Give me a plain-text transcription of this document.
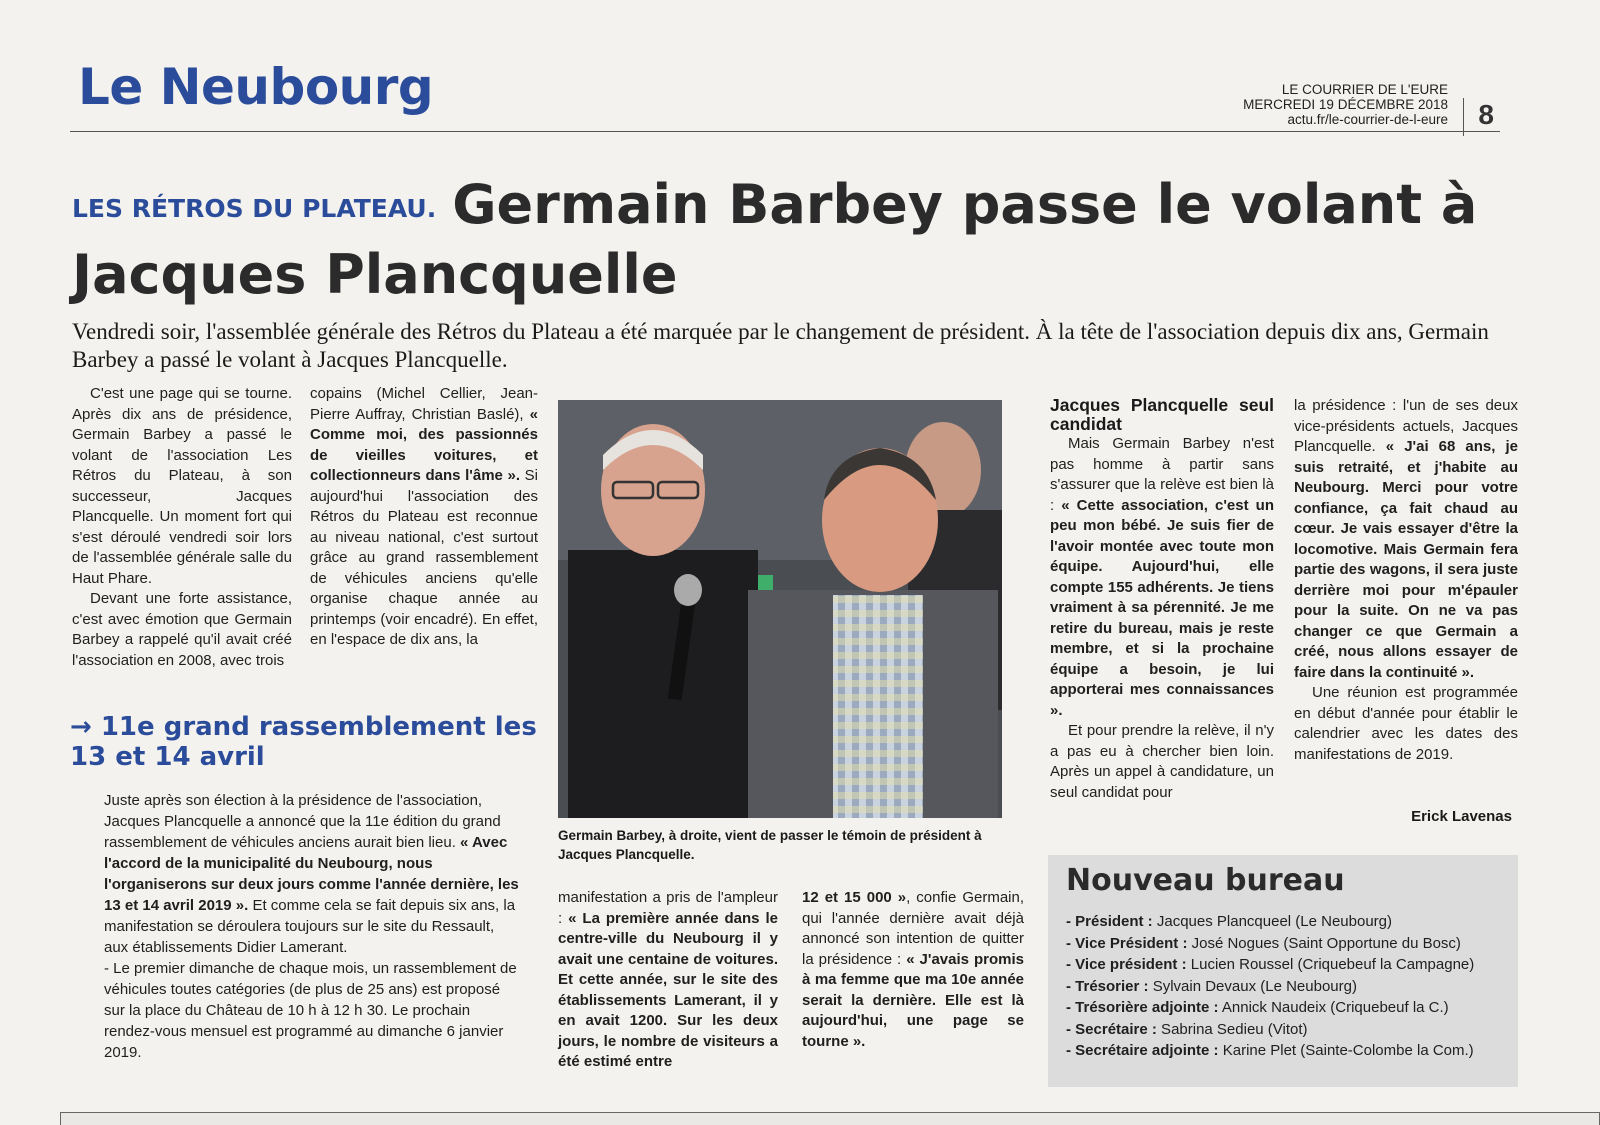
Le Neubourg	LE COURRIER DE L'EURE
MERCREDI 19 DÉCEMBRE 2018
actu.fr/le-courrier-de-l-eure	8
LES RÉTROS DU PLATEAU. Germain Barbey passe le volant à Jacques Plancquelle
Vendredi soir, l'assemblée générale des Rétros du Plateau a été marquée par le changement de président. À la tête de l'association depuis dix ans, Germain Barbey a passé le volant à Jacques Plancquelle.

C'est une page qui se tourne. Après dix ans de présidence, Germain Barbey a passé le volant de l'association Les Rétros du Plateau, à son successeur, Jacques Plancquelle. Un moment fort qui s'est déroulé vendredi soir lors de l'assemblée générale salle du Haut Phare.

Devant une forte assistance, c'est avec émotion que Germain Barbey a rappelé qu'il avait créé l'association en 2008, avec trois

copains (Michel Cellier, Jean-Pierre Auffray, Christian Baslé), « Comme moi, des passionnés de vieilles voitures, et collectionneurs dans l'âme ». Si aujourd'hui l'association des Rétros du Plateau est reconnue au niveau national, c'est surtout grâce au grand rassemblement de véhicules anciens qu'elle organise chaque année au printemps (voir encadré). En effet, en l'espace de dix ans, la

Germain Barbey, à droite, vient de passer le témoin de président à Jacques Plancquelle.
Jacques Plancquelle seul candidat

Mais Germain Barbey n'est pas homme à partir sans s'assurer que la relève est bien là : « Cette association, c'est un peu mon bébé. Je suis fier de l'avoir montée avec toute mon équipe. Aujourd'hui, elle compte 155 adhérents. Je tiens vraiment à sa pérennité. Je me retire du bureau, mais je reste membre, et si la prochaine équipe a besoin, je lui apporterai mes connaissances ».

Et pour prendre la relève, il n'y a pas eu à chercher bien loin. Après un appel à candidature, un seul candidat pour

la présidence : l'un de ses deux vice-présidents actuels, Jacques Plancquelle. « J'ai 68 ans, je suis retraité, et j'habite au Neubourg. Merci pour votre confiance, ça fait chaud au cœur. Je vais essayer d'être la locomotive. Mais Germain fera partie des wagons, il sera juste derrière moi pour m'épauler pour la suite. On ne va pas changer ce que Germain a créé, nous allons essayer de faire dans la continuité ».

Une réunion est programmée en début d'année pour établir le calendrier avec les dates des manifestations de 2019.

Erick Lavenas
→ 11e grand rassemblement les 13 et 14 avril

Juste après son élection à la présidence de l'association, Jacques Plancquelle a annoncé que la 11e édition du grand rassemblement de véhicules anciens aurait bien lieu. « Avec l'accord de la municipalité du Neubourg, nous l'organiserons sur deux jours comme l'année dernière, les 13 et 14 avril 2019 ». Et comme cela se fait depuis six ans, la manifestation se déroulera toujours sur le site du Ressault, aux établissements Didier Lamerant.

- Le premier dimanche de chaque mois, un rassemblement de véhicules toutes catégories (de plus de 25 ans) est proposé sur la place du Château de 10 h à 12 h 30. Le prochain rendez-vous mensuel est programmé au dimanche 6 janvier 2019.

manifestation a pris de l'ampleur : « La première année dans le centre-ville du Neubourg il y avait une centaine de voitures. Et cette année, sur le site des établissements Lamerant, il y en avait 1200. Sur les deux jours, le nombre de visiteurs a été estimé entre

12 et 15 000 », confie Germain, qui l'année dernière avait déjà annoncé son intention de quitter la présidence : « J'avais promis à ma femme que ma 10e année serait la dernière. Elle est là aujourd'hui, une page se tourne ».

Nouveau bureau
- Président : Jacques Plancqueel (Le Neubourg)
- Vice Président : José Nogues (Saint Opportune du Bosc)
- Vice président : Lucien Roussel (Criquebeuf la Campagne)
- Trésorier : Sylvain Devaux (Le Neubourg)
- Trésorière adjointe : Annick Naudeix (Criquebeuf la C.)
- Secrétaire : Sabrina Sedieu (Vitot)
- Secrétaire adjointe : Karine Plet (Sainte-Colombe la Com.)
